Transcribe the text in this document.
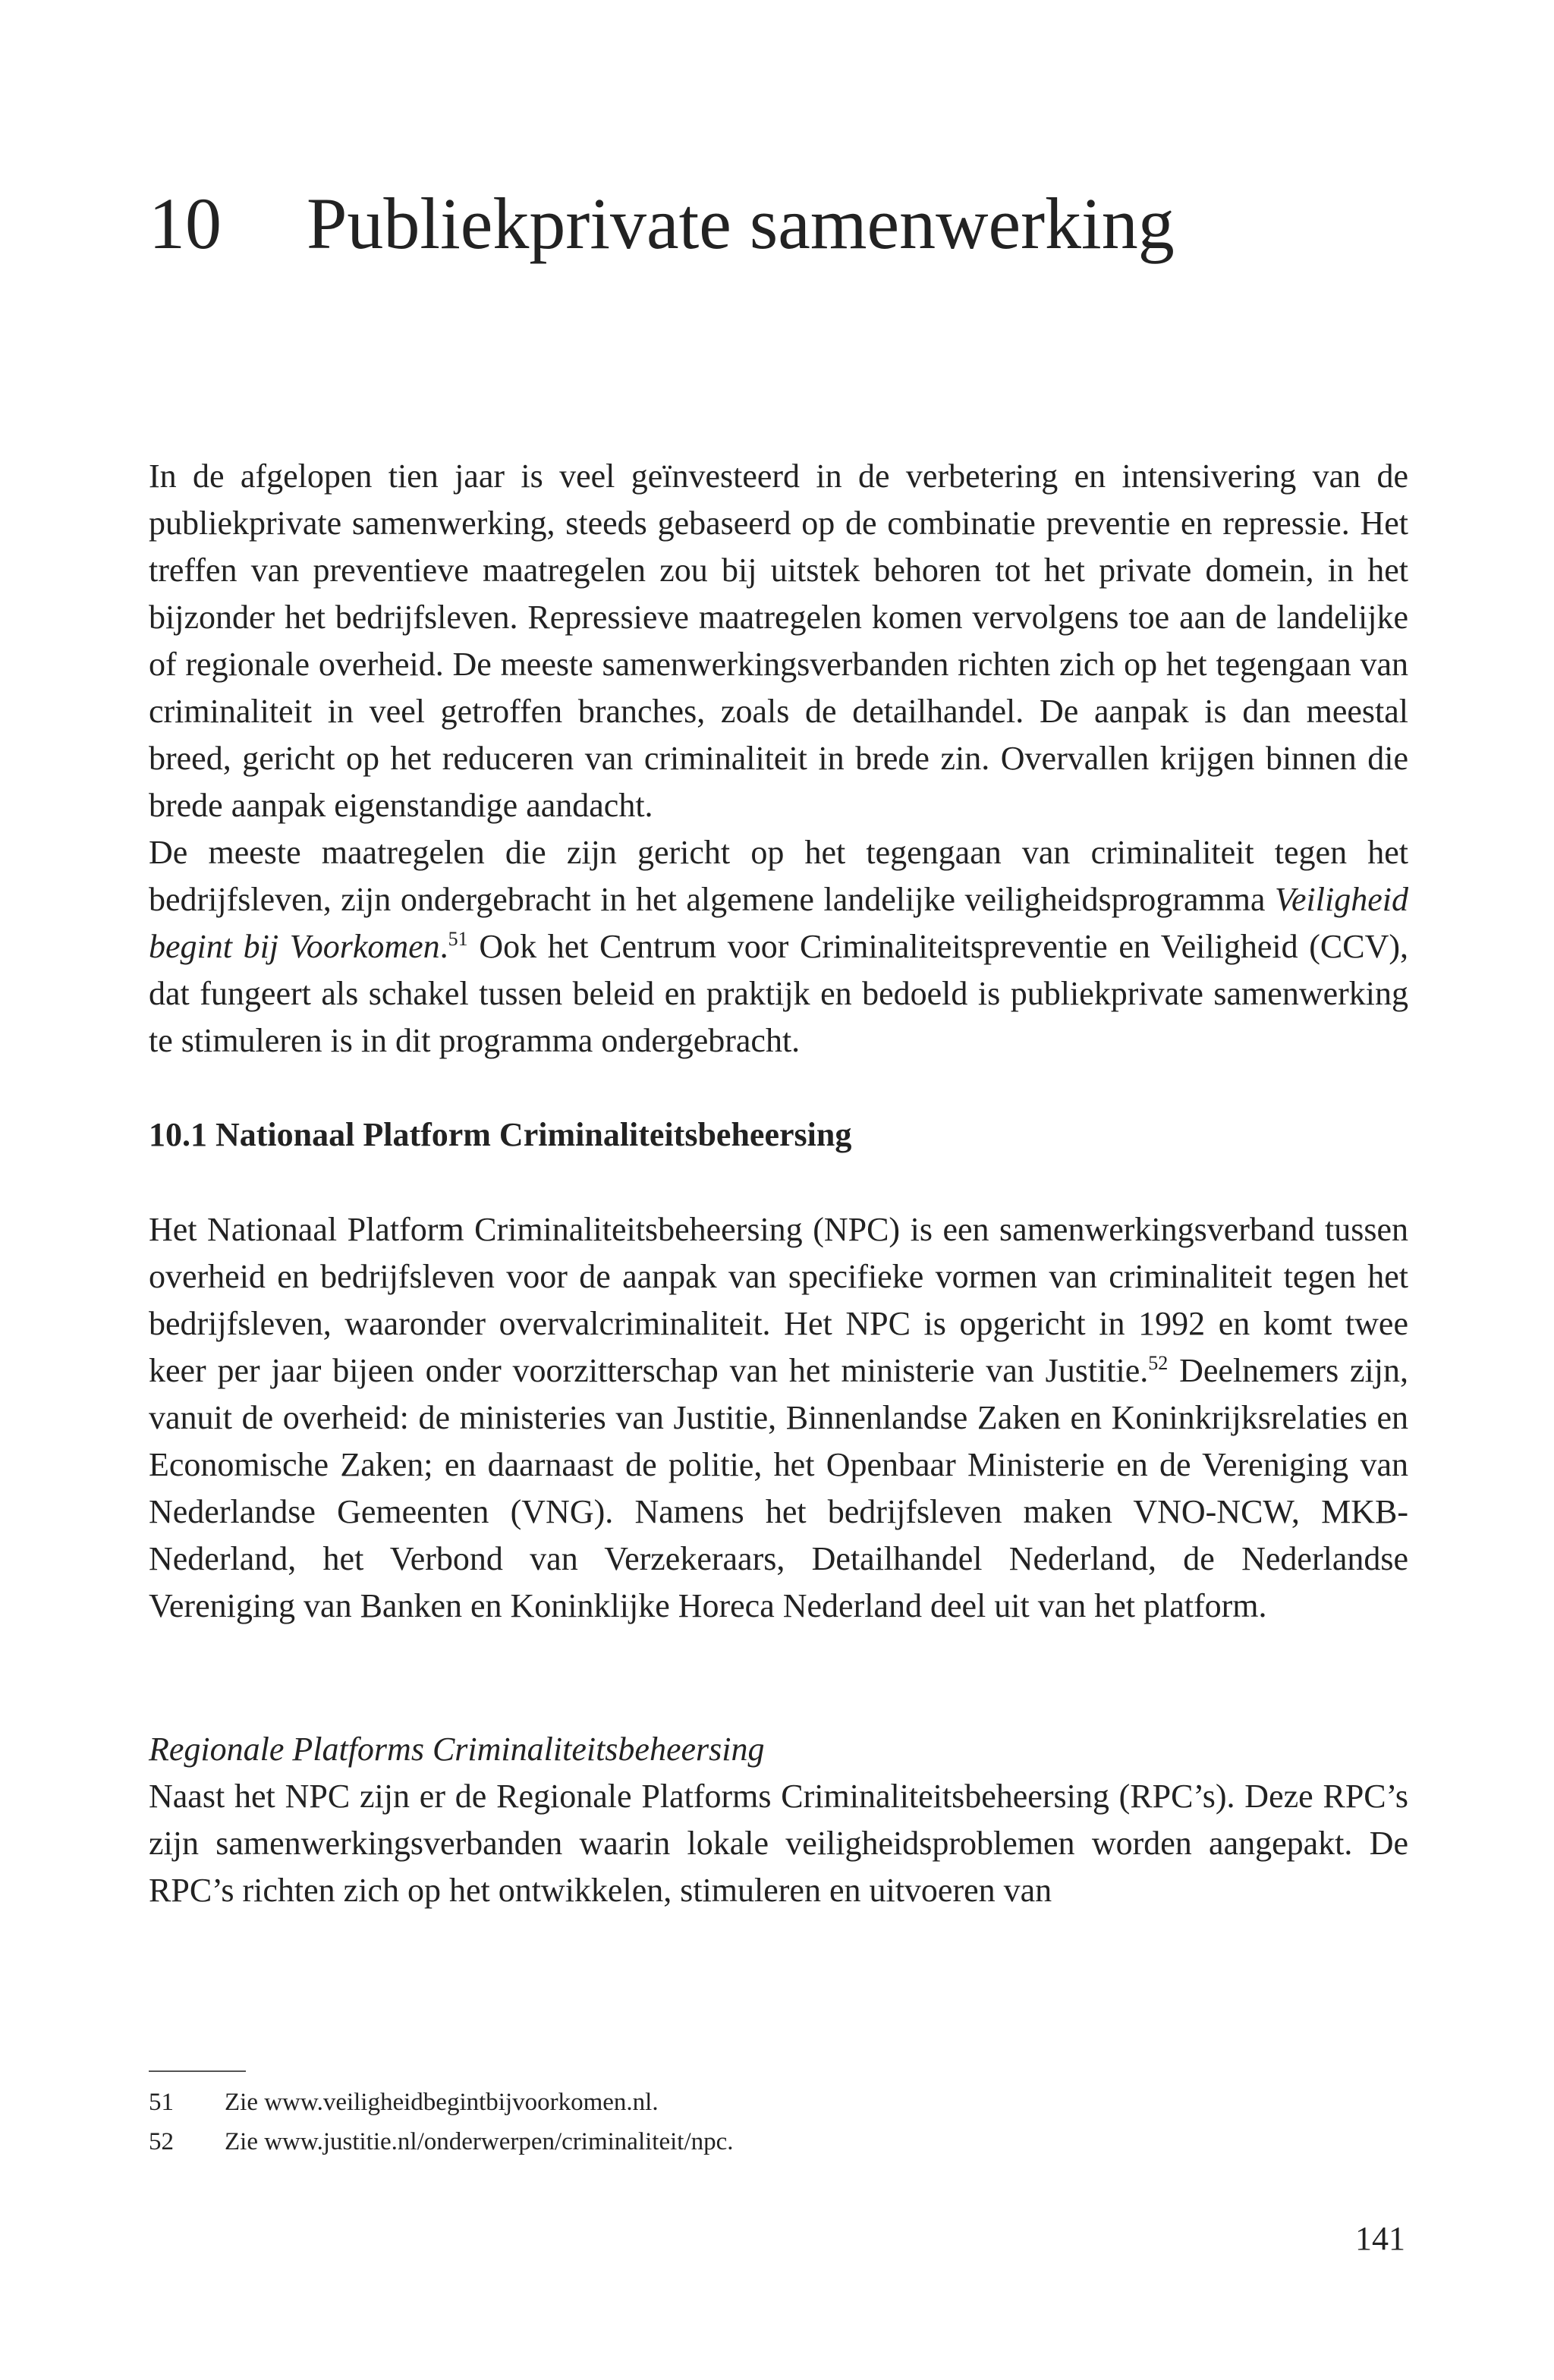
10 Publiekprivate samenwerking

In de afgelopen tien jaar is veel geïnvesteerd in de verbetering en intensivering van de publiekprivate samenwerking, steeds gebaseerd op de combinatie preventie en repressie. Het treffen van preventieve maatregelen zou bij uitstek behoren tot het private domein, in het bijzonder het bedrijfsleven. Repressieve maatregelen komen vervolgens toe aan de landelijke of regionale overheid. De meeste samenwerkingsverbanden richten zich op het tegengaan van criminaliteit in veel getroffen branches, zoals de detailhandel. De aanpak is dan meestal breed, gericht op het reduceren van criminaliteit in brede zin. Overvallen krijgen binnen die brede aanpak eigenstandige aandacht.

De meeste maatregelen die zijn gericht op het tegengaan van criminaliteit tegen het bedrijfsleven, zijn ondergebracht in het algemene landelijke veiligheidsprogramma Veiligheid begint bij Voorkomen.$^{51}$ Ook het Centrum voor Criminaliteitspreventie en Veiligheid (CCV), dat fungeert als schakel tussen beleid en praktijk en bedoeld is publiekprivate samenwerking te stimuleren is in dit programma ondergebracht.

10.1 Nationaal Platform Criminaliteitsbeheersing

Het Nationaal Platform Criminaliteitsbeheersing (NPC) is een samenwerkingsverband tussen overheid en bedrijfsleven voor de aanpak van specifieke vormen van criminaliteit tegen het bedrijfsleven, waaronder overvalcriminaliteit. Het NPC is opgericht in 1992 en komt twee keer per jaar bijeen onder voorzitterschap van het ministerie van Justitie.$^{52}$ Deelnemers zijn, vanuit de overheid: de ministeries van Justitie, Binnenlandse Zaken en Koninkrijksrelaties en Economische Zaken; en daarnaast de politie, het Openbaar Ministerie en de Vereniging van Nederlandse Gemeenten (VNG). Namens het bedrijfsleven maken VNO-NCW, MKB-Nederland, het Verbond van Verzekeraars, Detailhandel Nederland, de Nederlandse Vereniging van Banken en Koninklijke Horeca Nederland deel uit van het platform.

Regionale Platforms Criminaliteitsbeheersing

Naast het NPC zijn er de Regionale Platforms Criminaliteitsbeheersing (RPC’s). Deze RPC’s zijn samenwerkingsverbanden waarin lokale veiligheidsproblemen worden aangepakt. De RPC’s richten zich op het ontwikkelen, stimuleren en uitvoeren van

51 Zie www.veiligheidbegintbijvoorkomen.nl.
52 Zie www.justitie.nl/onderwerpen/criminaliteit/npc.
141
